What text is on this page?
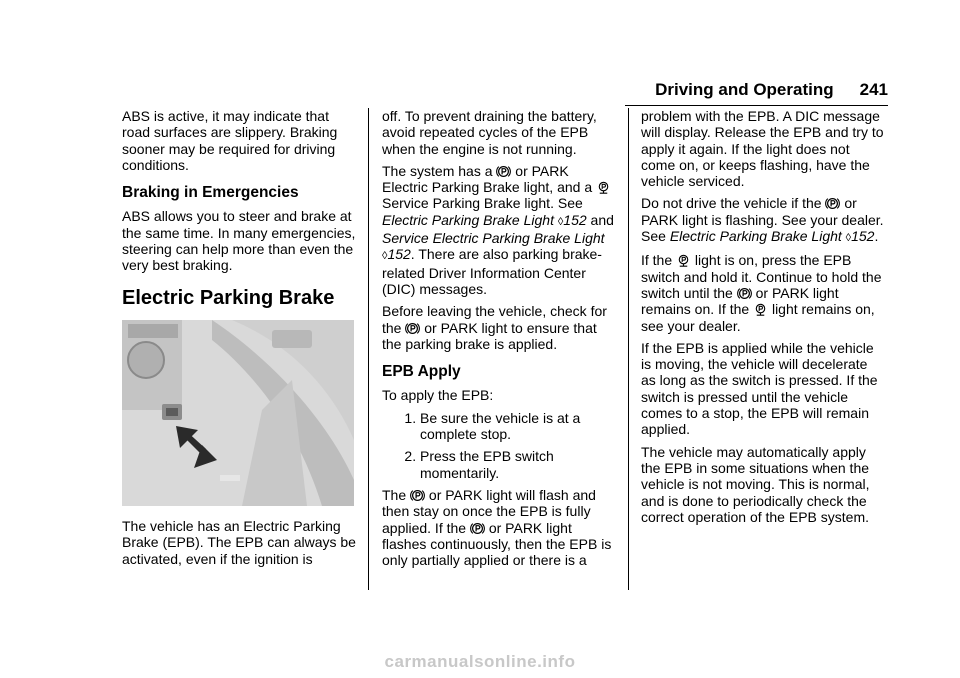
Driving and Operating 241

ABS is active, it may indicate that road surfaces are slippery. Braking sooner may be required for driving conditions.

Braking in Emergencies

ABS allows you to steer and brake at the same time. In many emergencies, steering can help more than even the very best braking.

Electric Parking Brake

The vehicle has an Electric Parking Brake (EPB). The EPB can always be activated, even if the ignition is

off. To prevent draining the battery, avoid repeated cycles of the EPB when the engine is not running.

The system has a
or PARK Electric Parking Brake light, and a
Service Parking Brake light. See Electric Parking Brake Light ◊152 and Service Electric Parking Brake Light ◊152. There are also parking brake-related Driver Information Center (DIC) messages.

Before leaving the vehicle, check for the
or PARK light to ensure that the parking brake is applied.

EPB Apply

To apply the EPB:

1. Be sure the vehicle is at a complete stop.
2. Press the EPB switch momentarily.

The
or PARK light will flash and then stay on once the EPB is fully applied. If the
or PARK light flashes continuously, then the EPB is only partially applied or there is a

problem with the EPB. A DIC message will display. Release the EPB and try to apply it again. If the light does not come on, or keeps flashing, have the vehicle serviced.

Do not drive the vehicle if the
or PARK light is flashing. See your dealer. See Electric Parking Brake Light ◊152.

If the
light is on, press the EPB switch and hold it. Continue to hold the switch until the
or PARK light remains on. If the
light remains on, see your dealer.

If the EPB is applied while the vehicle is moving, the vehicle will decelerate as long as the switch is pressed. If the switch is pressed until the vehicle comes to a stop, the EPB will remain applied.

The vehicle may automatically apply the EPB in some situations when the vehicle is not moving. This is normal, and is done to periodically check the correct operation of the EPB system.

carmanualsonline.info
